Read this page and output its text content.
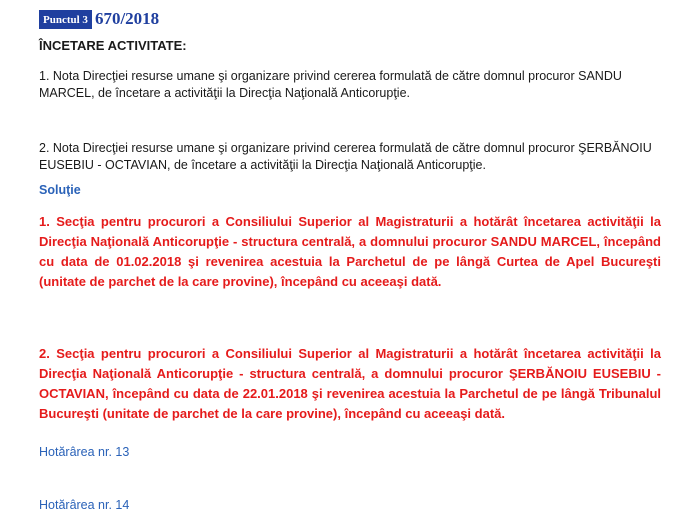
Punctul 3 670/2018
ÎNCETARE ACTIVITATE:
1. Nota Direcţiei resurse umane şi organizare privind cererea formulată de către domnul procuror SANDU MARCEL, de încetare a activităţii la Direcţia Naţională Anticorupţie.
2. Nota Direcţiei resurse umane şi organizare privind cererea formulată de către domnul procuror ŞERBĂNOIU EUSEBIU - OCTAVIAN, de încetare a activităţii la Direcţia Naţională Anticorupţie.
Soluţie
1. Secţia pentru procurori a Consiliului Superior al Magistraturii a hotărât încetarea activităţii la Direcţia Naţională Anticorupţie - structura centrală, a domnului procuror SANDU MARCEL, începând cu data de 01.02.2018 şi revenirea acestuia la Parchetul de pe lângă Curtea de Apel Bucureşti (unitate de parchet de la care provine), începând cu aceeaşi dată.
2. Secţia pentru procurori a Consiliului Superior al Magistraturii a hotărât încetarea activităţii la Direcţia Naţională Anticorupţie - structura centrală, a domnului procuror ŞERBĂNOIU EUSEBIU - OCTAVIAN, începând cu data de 22.01.2018 şi revenirea acestuia la Parchetul de pe lângă Tribunalul Bucureşti (unitate de parchet de la care provine), începând cu aceeaşi dată.
Hotărârea nr. 13
Hotărârea nr. 14
